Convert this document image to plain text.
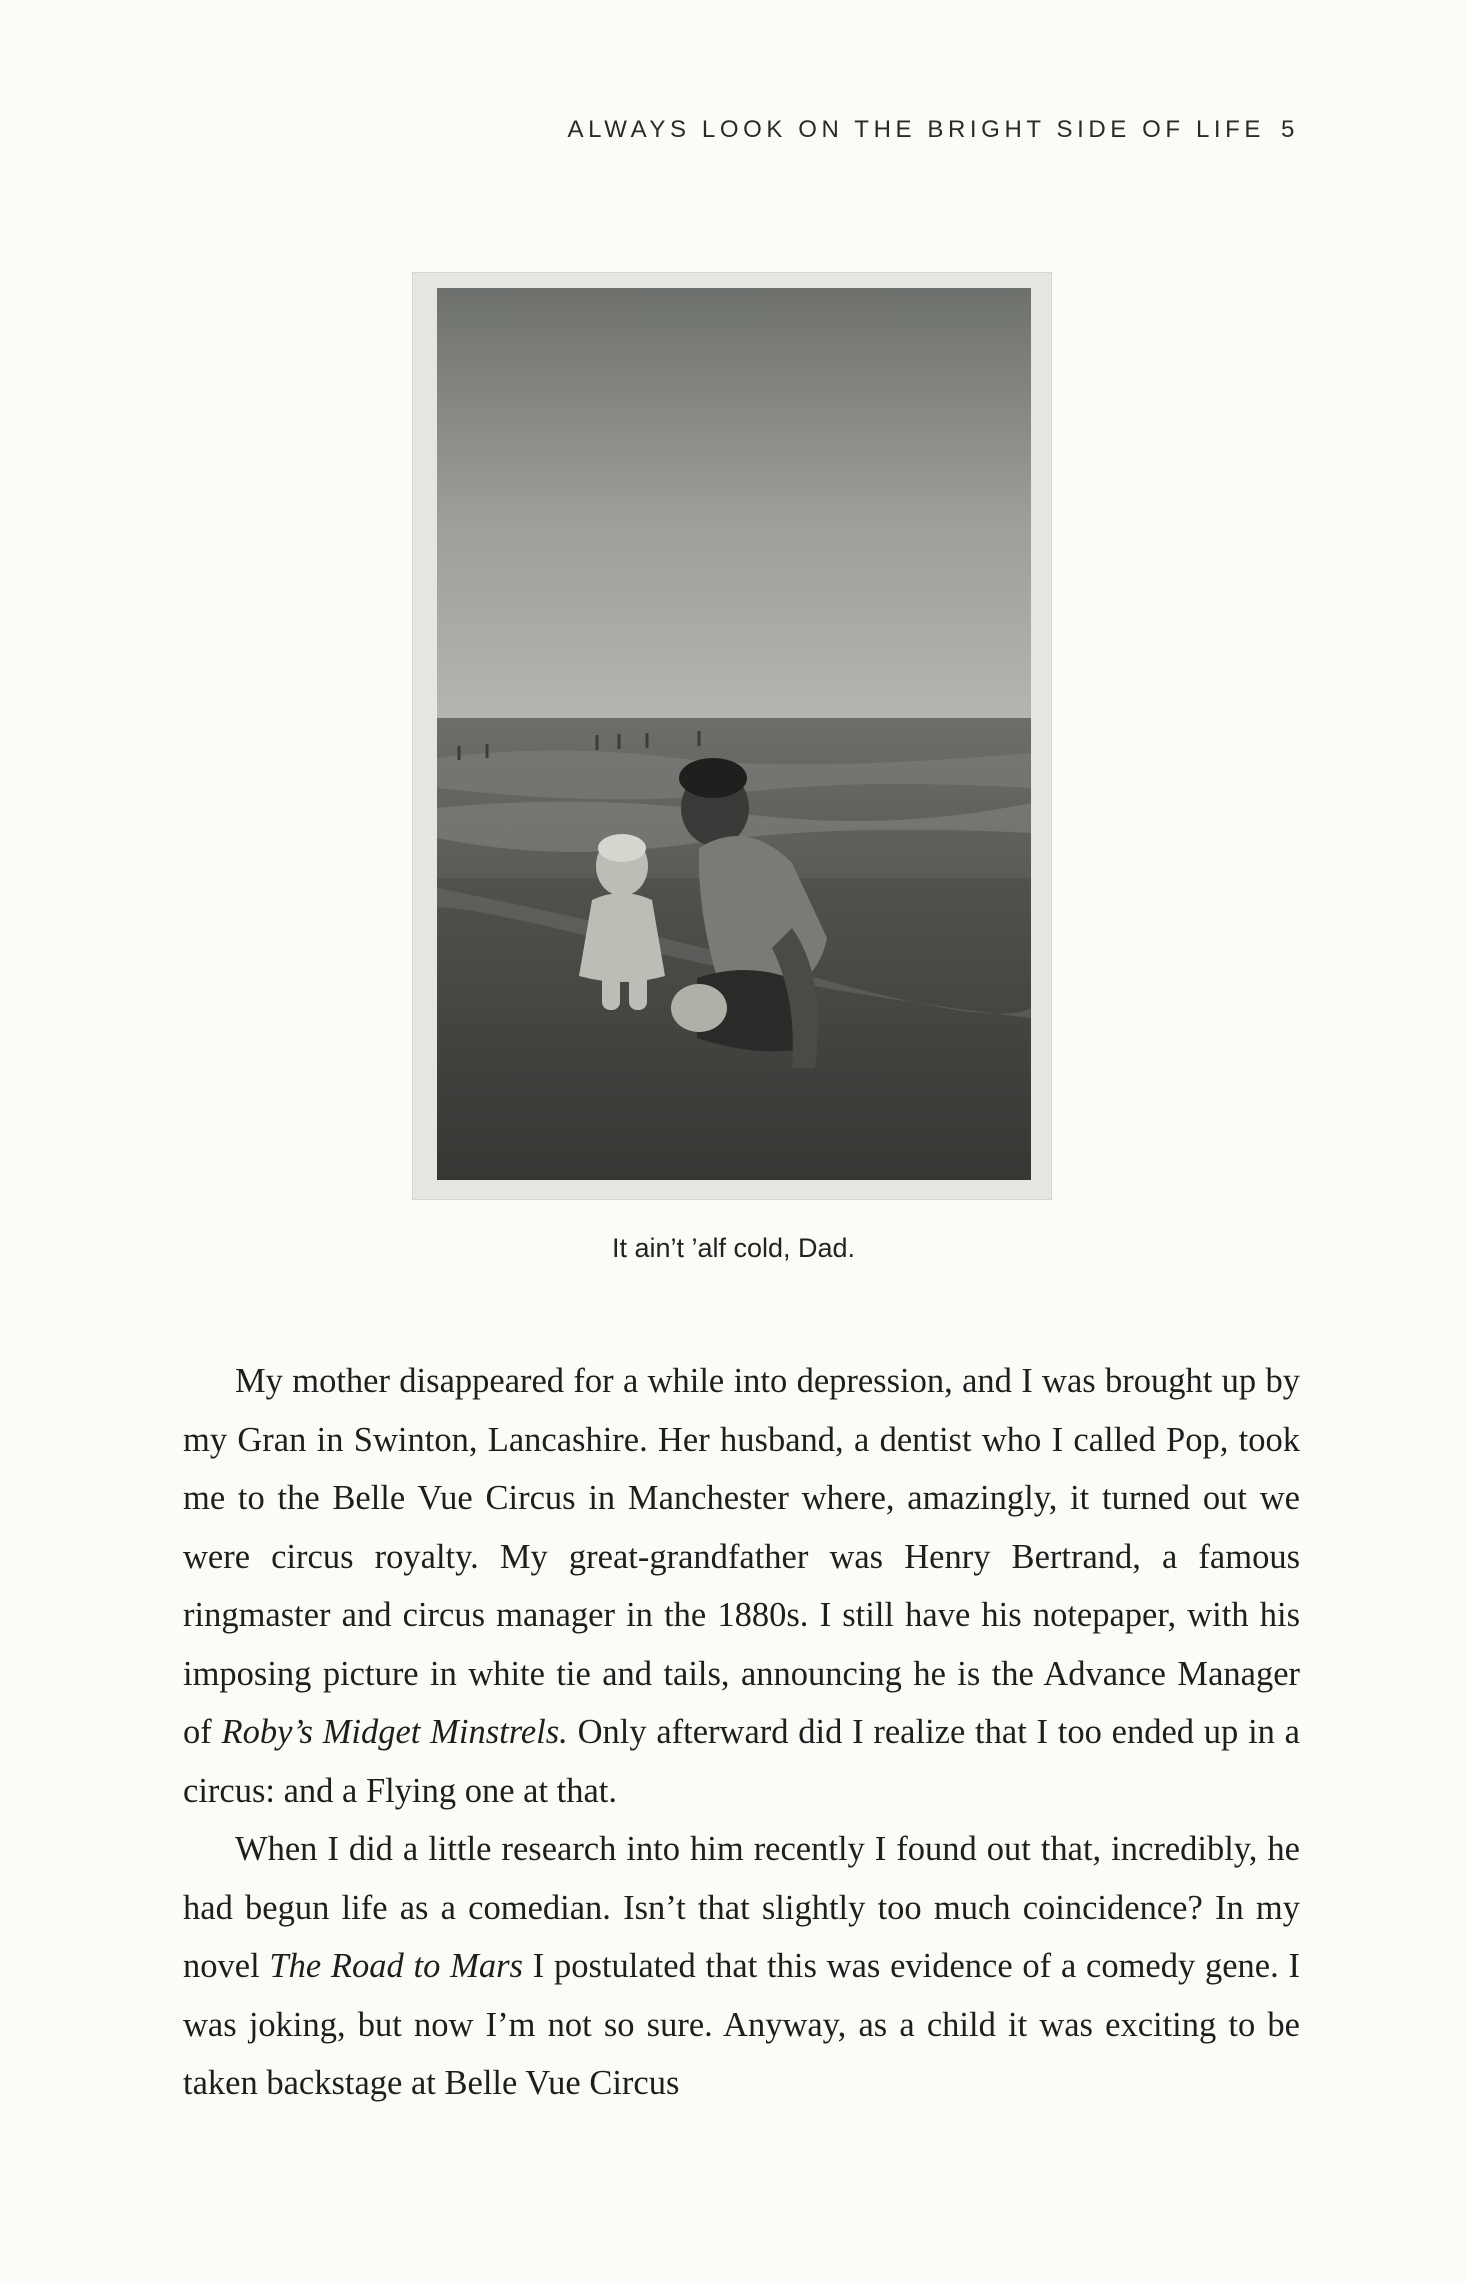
ALWAYS LOOK ON THE BRIGHT SIDE OF LIFE 5
It ain’t ’alf cold, Dad.

My mother disappeared for a while into depression, and I was brought up by my Gran in Swinton, Lancashire. Her husband, a dentist who I called Pop, took me to the Belle Vue Circus in Manchester where, amazingly, it turned out we were circus royalty. My great-grandfather was Henry Bertrand, a famous ringmaster and circus manager in the 1880s. I still have his notepaper, with his imposing picture in white tie and tails, announcing he is the Advance Manager of Roby’s Midget Minstrels. Only afterward did I realize that I too ended up in a circus: and a Flying one at that.

When I did a little research into him recently I found out that, incredibly, he had begun life as a comedian. Isn’t that slightly too much coincidence? In my novel The Road to Mars I postulated that this was evidence of a comedy gene. I was joking, but now I’m not so sure. Anyway, as a child it was exciting to be taken backstage at Belle Vue Circus
